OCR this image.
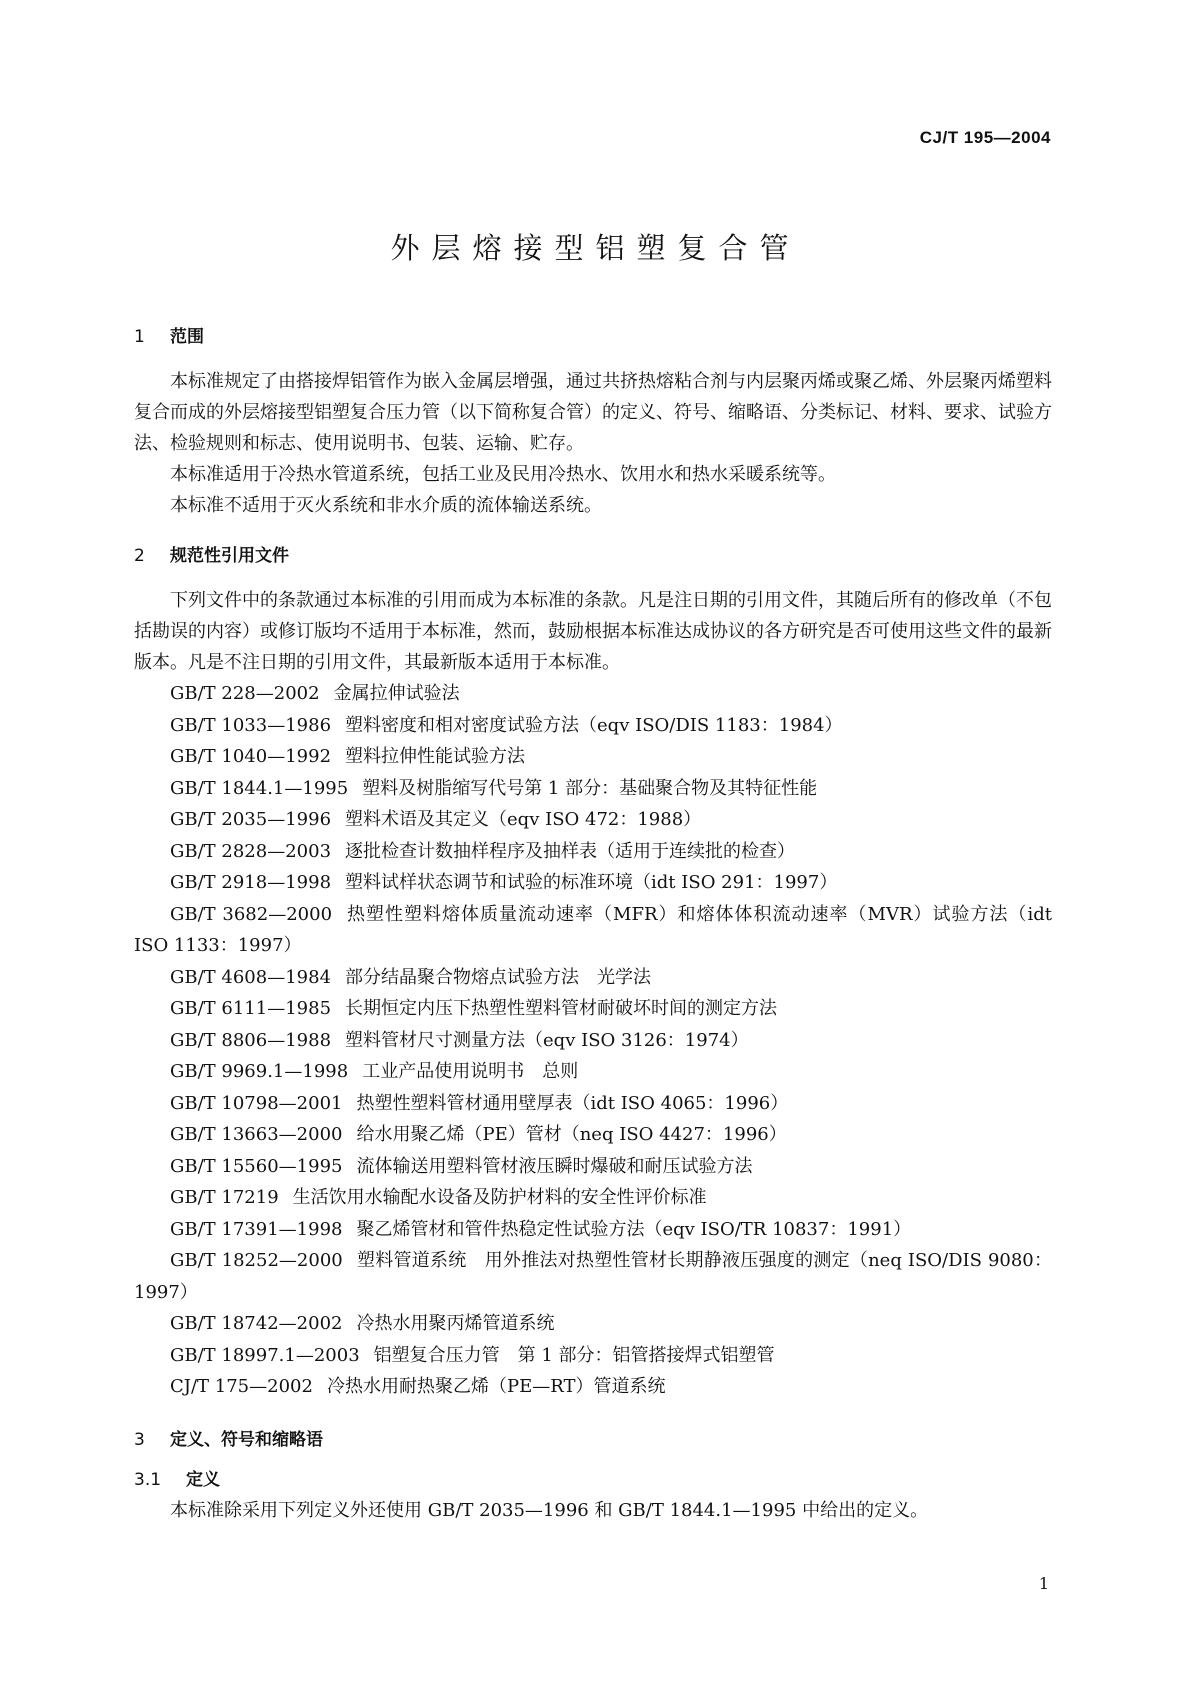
CJ/T 195—2004
外层熔接型铝塑复合管
1 范围

本标准规定了由搭接焊铝管作为嵌入金属层增强，通过共挤热熔粘合剂与内层聚丙烯或聚乙烯、外层聚丙烯塑料复合而成的外层熔接型铝塑复合压力管（以下简称复合管）的定义、符号、缩略语、分类标记、材料、要求、试验方法、检验规则和标志、使用说明书、包装、运输、贮存。

本标准适用于冷热水管道系统，包括工业及民用冷热水、饮用水和热水采暖系统等。

本标准不适用于灭火系统和非水介质的流体输送系统。

2 规范性引用文件

下列文件中的条款通过本标准的引用而成为本标准的条款。凡是注日期的引用文件，其随后所有的修改单（不包括勘误的内容）或修订版均不适用于本标准，然而，鼓励根据本标准达成协议的各方研究是否可使用这些文件的最新版本。凡是不注日期的引用文件，其最新版本适用于本标准。

GB/T 228—2002 金属拉伸试验法

GB/T 1033—1986 塑料密度和相对密度试验方法（eqv ISO/DIS 1183：1984）

GB/T 1040—1992 塑料拉伸性能试验方法

GB/T 1844.1—1995 塑料及树脂缩写代号第 1 部分：基础聚合物及其特征性能

GB/T 2035—1996 塑料术语及其定义（eqv ISO 472：1988）

GB/T 2828—2003 逐批检查计数抽样程序及抽样表（适用于连续批的检查）

GB/T 2918—1998 塑料试样状态调节和试验的标准环境（idt ISO 291：1997）

GB/T 3682—2000 热塑性塑料熔体质量流动速率（MFR）和熔体体积流动速率（MVR）试验方法（idt ISO 1133：1997）

GB/T 4608—1984 部分结晶聚合物熔点试验方法　光学法

GB/T 6111—1985 长期恒定内压下热塑性塑料管材耐破坏时间的测定方法

GB/T 8806—1988 塑料管材尺寸测量方法（eqv ISO 3126：1974）

GB/T 9969.1—1998 工业产品使用说明书　总则

GB/T 10798—2001 热塑性塑料管材通用壁厚表（idt ISO 4065：1996）

GB/T 13663—2000 给水用聚乙烯（PE）管材（neq ISO 4427：1996）

GB/T 15560—1995 流体输送用塑料管材液压瞬时爆破和耐压试验方法

GB/T 17219 生活饮用水输配水设备及防护材料的安全性评价标准

GB/T 17391—1998 聚乙烯管材和管件热稳定性试验方法（eqv ISO/TR 10837：1991）

GB/T 18252—2000 塑料管道系统　用外推法对热塑性管材长期静液压强度的测定（neq ISO/DIS 9080：1997）

GB/T 18742—2002 冷热水用聚丙烯管道系统

GB/T 18997.1—2003 铝塑复合压力管　第 1 部分：铝管搭接焊式铝塑管

CJ/T 175—2002 冷热水用耐热聚乙烯（PE—RT）管道系统

3 定义、符号和缩略语
3.1 定义

本标准除采用下列定义外还使用 GB/T 2035—1996 和 GB/T 1844.1—1995 中给出的定义。

1
